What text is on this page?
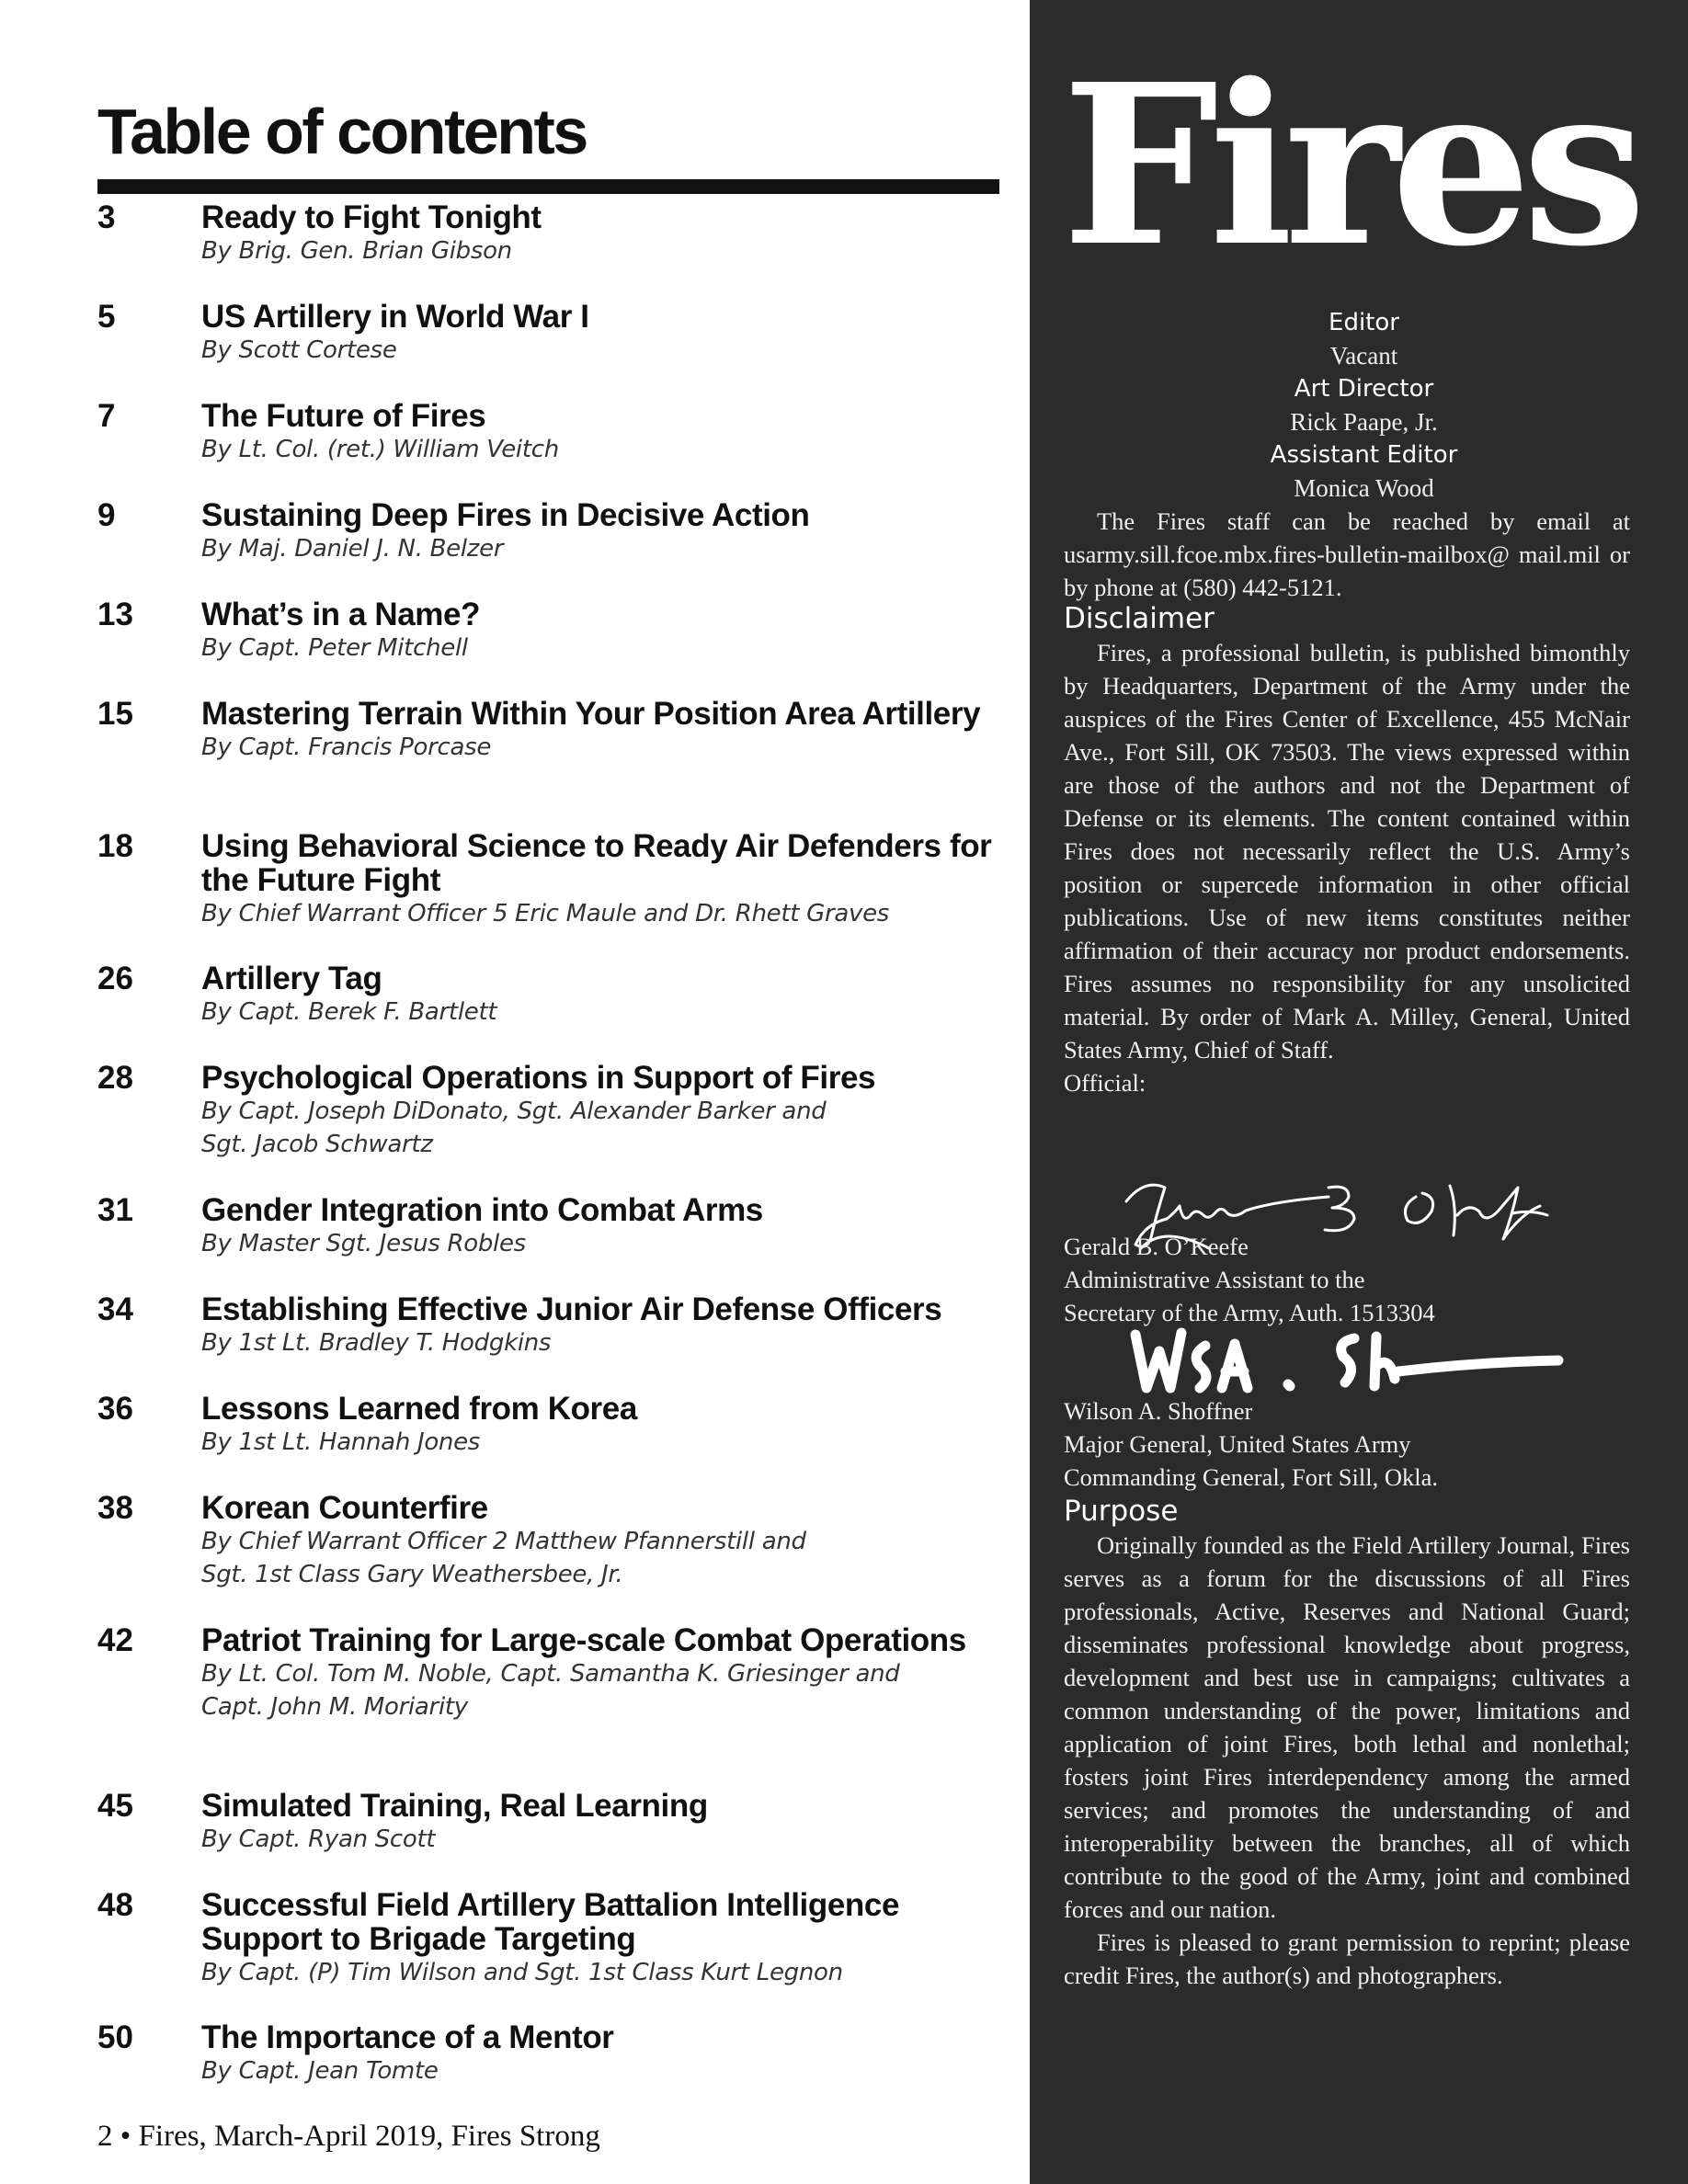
Table of contents
3	Ready to Fight Tonight
By Brig. Gen. Brian Gibson
5	US Artillery in World War I
By Scott Cortese
7	The Future of Fires
By Lt. Col. (ret.) William Veitch
9	Sustaining Deep Fires in Decisive Action
By Maj. Daniel J. N. Belzer
13	What’s in a Name?
By Capt. Peter Mitchell
15	Mastering Terrain Within Your Position Area Artillery
By Capt. Francis Porcase
18	Using Behavioral Science to Ready Air Defenders for the Future Fight
By Chief Warrant Officer 5 Eric Maule and Dr. Rhett Graves
26	Artillery Tag
By Capt. Berek F. Bartlett
28	Psychological Operations in Support of Fires
By Capt. Joseph DiDonato, Sgt. Alexander Barker and
Sgt. Jacob Schwartz
31	Gender Integration into Combat Arms
By Master Sgt. Jesus Robles
34	Establishing Effective Junior Air Defense Officers
By 1st Lt. Bradley T. Hodgkins
36	Lessons Learned from Korea
By 1st Lt. Hannah Jones
38	Korean Counterfire
By Chief Warrant Officer 2 Matthew Pfannerstill and
Sgt. 1st Class Gary Weathersbee, Jr.
42	Patriot Training for Large-scale Combat Operations
By Lt. Col. Tom M. Noble, Capt. Samantha K. Griesinger and
Capt. John M. Moriarity
45	Simulated Training, Real Learning
By Capt. Ryan Scott
48	Successful Field Artillery Battalion Intelligence Support to Brigade Targeting
By Capt. (P) Tim Wilson and Sgt. 1st Class Kurt Legnon
50	The Importance of a Mentor
By Capt. Jean Tomte
2 • Fires, March-April 2019, Fires Strong
Fires
Editor
Vacant
Art Director
Rick Paape, Jr.
Assistant Editor
Monica Wood

The Fires staff can be reached by email at usarmy.sill.fcoe.mbx.fires-bulletin-mailbox@ mail.mil or by phone at (580) 442-5121.

Disclaimer

Fires, a professional bulletin, is published bimonthly by Headquarters, Department of the Army under the auspices of the Fires Center of Excellence, 455 McNair Ave., Fort Sill, OK 73503. The views expressed within are those of the authors and not the Department of Defense or its elements. The content contained within Fires does not necessarily reflect the U.S. Army’s position or supercede information in other official publications. Use of new items constitutes neither affirmation of their accuracy nor product endorsements. Fires assumes no responsibility for any unsolicited material. By order of Mark A. Milley, General, United States Army, Chief of Staff.

Official:
Gerald B. O’Keefe
Administrative Assistant to the
Secretary of the Army, Auth. 1513304
Wilson A. Shoffner
Major General, United States Army
Commanding General, Fort Sill, Okla.

Purpose

Originally founded as the Field Artillery Journal, Fires serves as a forum for the discussions of all Fires professionals, Active, Reserves and National Guard; disseminates professional knowledge about progress, development and best use in campaigns; cultivates a common understanding of the power, limitations and application of joint Fires, both lethal and nonlethal; fosters joint Fires interdependency among the armed services; and promotes the understanding of and interoperability between the branches, all of which contribute to the good of the Army, joint and combined forces and our nation.

Fires is pleased to grant permission to reprint; please credit Fires, the author(s) and photographers.
